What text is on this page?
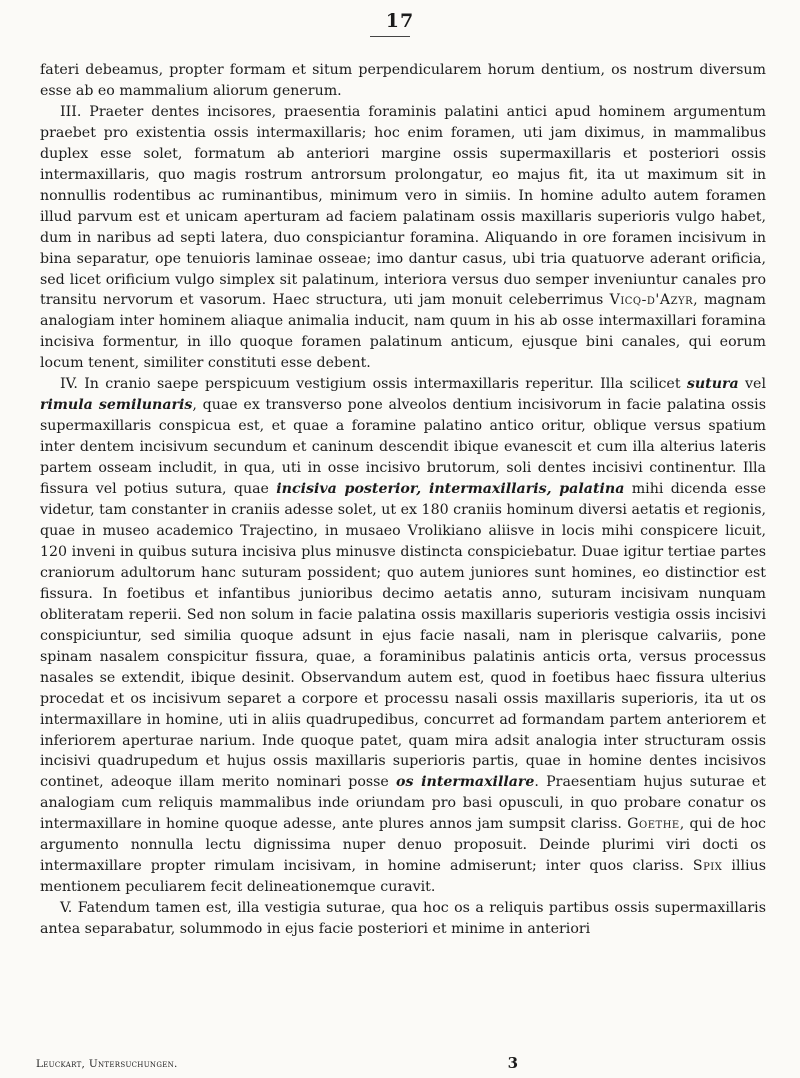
17

fateri debeamus, propter formam et situm perpendicularem horum dentium, os nostrum diversum esse ab eo mammalium aliorum generum.

III. Praeter dentes incisores, praesentia foraminis palatini antici apud hominem argumentum praebet pro existentia ossis intermaxillaris; hoc enim foramen, uti jam diximus, in mammalibus duplex esse solet, formatum ab anteriori margine ossis supermaxillaris et posteriori ossis intermaxillaris, quo magis rostrum antrorsum prolongatur, eo majus fit, ita ut maximum sit in nonnullis rodentibus ac ruminantibus, minimum vero in simiis. In homine adulto autem foramen illud parvum est et unicam aperturam ad faciem palatinam ossis maxillaris superioris vulgo habet, dum in naribus ad septi latera, duo conspiciantur foramina. Aliquando in ore foramen incisivum in bina separatur, ope tenuioris laminae osseae; imo dantur casus, ubi tria quatuorve aderant orificia, sed licet orificium vulgo simplex sit palatinum, interiora versus duo semper inveniuntur canales pro transitu nervorum et vasorum. Haec structura, uti jam monuit celeberrimus Vicq-d'Azyr, magnam analogiam inter hominem aliaque animalia inducit, nam quum in his ab osse intermaxillari foramina incisiva formentur, in illo quoque foramen palatinum anticum, ejusque bini canales, qui eorum locum tenent, similiter constituti esse debent.

IV. In cranio saepe perspicuum vestigium ossis intermaxillaris reperitur. Illa scilicet sutura vel rimula semilunaris, quae ex transverso pone alveolos dentium incisivorum in facie palatina ossis supermaxillaris conspicua est, et quae a foramine palatino antico oritur, oblique versus spatium inter dentem incisivum secundum et caninum descendit ibique evanescit et cum illa alterius lateris partem osseam includit, in qua, uti in osse incisivo brutorum, soli dentes incisivi continentur. Illa fissura vel potius sutura, quae incisiva posterior, intermaxillaris, palatina mihi dicenda esse videtur, tam constanter in craniis adesse solet, ut ex 180 craniis hominum diversi aetatis et regionis, quae in museo academico Trajectino, in musaeo Vrolikiano aliisve in locis mihi conspicere licuit, 120 inveni in quibus sutura incisiva plus minusve distincta conspiciebatur. Duae igitur tertiae partes craniorum adultorum hanc suturam possident; quo autem juniores sunt homines, eo distinctior est fissura. In foetibus et infantibus junioribus decimo aetatis anno, suturam incisivam nunquam obliteratam reperii. Sed non solum in facie palatina ossis maxillaris superioris vestigia ossis incisivi conspiciuntur, sed similia quoque adsunt in ejus facie nasali, nam in plerisque calvariis, pone spinam nasalem conspicitur fissura, quae, a foraminibus palatinis anticis orta, versus processus nasales se extendit, ibique desinit. Observandum autem est, quod in foetibus haec fissura ulterius procedat et os incisivum separet a corpore et processu nasali ossis maxillaris superioris, ita ut os intermaxillare in homine, uti in aliis quadrupedibus, concurret ad formandam partem anteriorem et inferiorem aperturae narium. Inde quoque patet, quam mira adsit analogia inter structuram ossis incisivi quadrupedum et hujus ossis maxillaris superioris partis, quae in homine dentes incisivos continet, adeoque illam merito nominari posse os intermaxillare. Praesentiam hujus suturae et analogiam cum reliquis mammalibus inde oriundam pro basi opusculi, in quo probare conatur os intermaxillare in homine quoque adesse, ante plures annos jam sumpsit clariss. Goethe, qui de hoc argumento nonnulla lectu dignissima nuper denuo proposuit. Deinde plurimi viri docti os intermaxillare propter rimulam incisivam, in homine admiserunt; inter quos clariss. Spix illius mentionem peculiarem fecit delineationemque curavit.

V. Fatendum tamen est, illa vestigia suturae, qua hoc os a reliquis partibus ossis supermaxillaris antea separabatur, solummodo in ejus facie posteriori et minime in anteriori

Leuckart, Untersuchungen.	3
